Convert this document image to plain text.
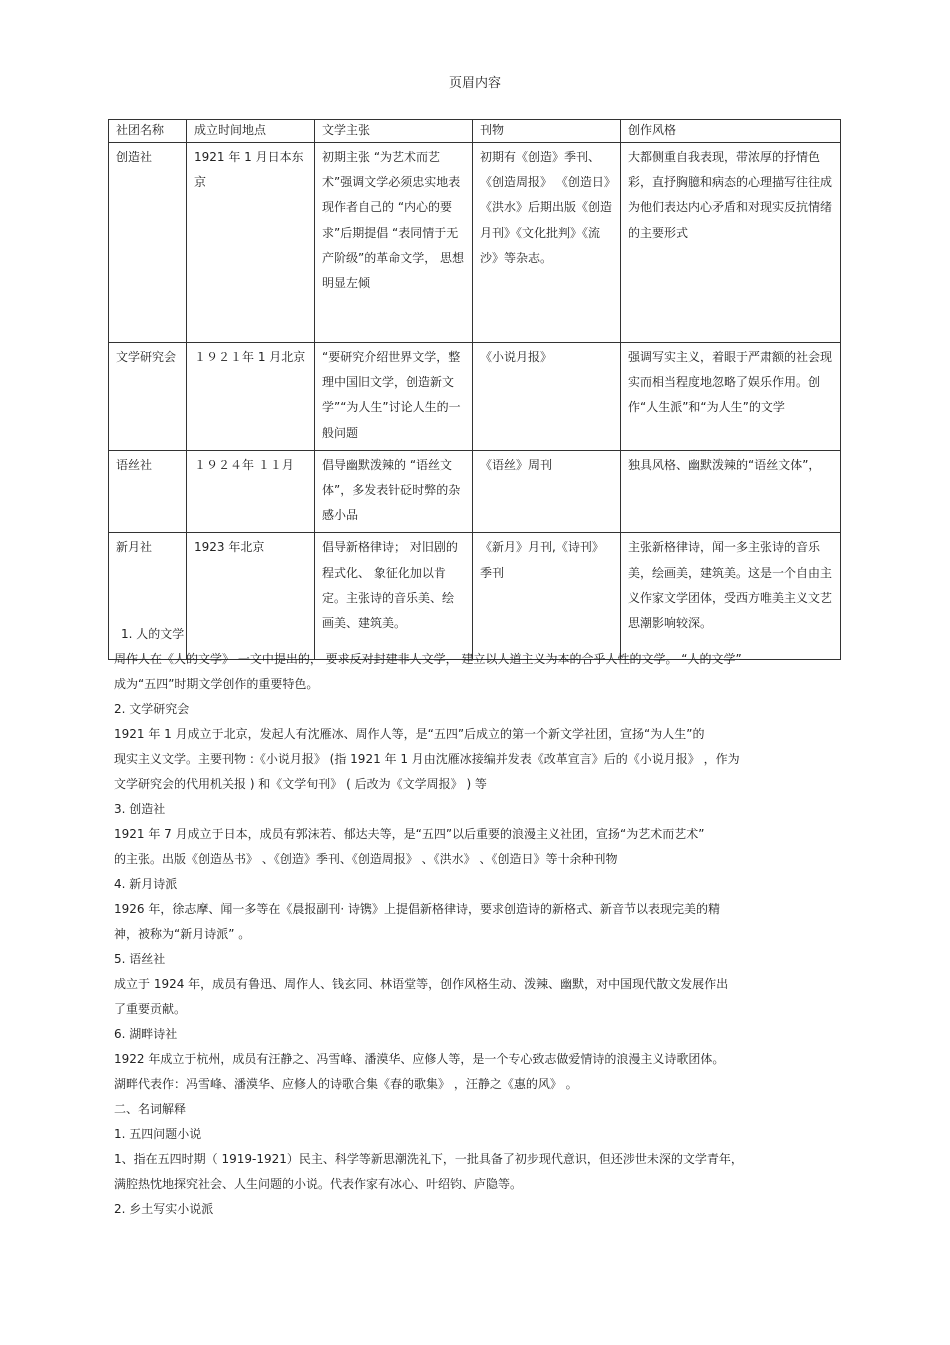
页眉内容
社团名称	成立时间地点	文学主张	刊物	创作风格
创造社	1921 年 1 月日本东京	初期主张 “为艺术而艺术”强调文学必须忠实地表现作者自己的 “内心的要求”后期提倡 “表同情于无产阶级”的革命文学， 思想明显左倾	初期有《创造》季刊、《创造周报》 《创造日》《洪水》后期出版《创造月刊》《文化批判》《流沙》等杂志。	大都侧重自我表现，带浓厚的抒情色彩，直抒胸臆和病态的心理描写往往成为他们表达内心矛盾和对现实反抗情绪的主要形式
文学研究会	１９２１年 1 月北京	“要研究介绍世界文学，整理中国旧文学，创造新文学”“为人生”讨论人生的一般问题	《小说月报》	强调写实主义，着眼于严肃额的社会现实而相当程度地忽略了娱乐作用。创作“人生派”和“为人生”的文学
语丝社	１９２４年 １１月	倡导幽默泼辣的 “语丝文体”，多发表针砭时弊的杂感小品	《语丝》周刊	独具风格、幽默泼辣的“语丝文体”，
新月社	1923 年北京	倡导新格律诗； 对旧剧的程式化、 象征化加以肯定。主张诗的音乐美、绘画美、建筑美。	《新月》月刊,《诗刊》季刊	主张新格律诗，闻一多主张诗的音乐美，绘画美，建筑美。这是一个自由主义作家文学团体，受西方唯美主义文艺思潮影响较深。

1. 人的文学

周作人在《人的文学》 一文中提出的， 要求反对封建非人文学， 建立以人道主义为本的合乎人性的文学。 “人的文学”

成为“五四”时期文学创作的重要特色。

2. 文学研究会

1921 年 1 月成立于北京，发起人有沈雁冰、周作人等，是“五四”后成立的第一个新文学社团，宣扬“为人生”的

现实主义文学。主要刊物 :《小说月报》 (指 1921 年 1 月由沈雁冰接编并发表《改革宣言》后的《小说月报》 ，作为

文学研究会的代用机关报 ) 和《文学旬刊》 ( 后改为《文学周报》 ) 等

3. 创造社

1921 年 7 月成立于日本，成员有郭沫若、郁达夫等，是“五四”以后重要的浪漫主义社团，宣扬“为艺术而艺术”

的主张。出版《创造丛书》 、《创造》季刊、《创造周报》 、《洪水》 、《创造日》等十余种刊物

4. 新月诗派

1926 年，徐志摩、闻一多等在《晨报副刊· 诗镌》上提倡新格律诗，要求创造诗的新格式、新音节以表现完美的精

神，被称为“新月诗派” 。

5. 语丝社

成立于 1924 年，成员有鲁迅、周作人、钱玄同、林语堂等，创作风格生动、泼辣、幽默，对中国现代散文发展作出

了重要贡献。

6. 湖畔诗社

1922 年成立于杭州，成员有汪静之、冯雪峰、潘漠华、应修人等，是一个专心致志做爱情诗的浪漫主义诗歌团体。

湖畔代表作：冯雪峰、潘漠华、应修人的诗歌合集《春的歌集》 ，汪静之《惠的风》 。

二、名词解释

1. 五四问题小说

1、指在五四时期（ 1919-1921）民主、科学等新思潮洗礼下，一批具备了初步现代意识，但还涉世未深的文学青年，

满腔热忱地探究社会、人生问题的小说。代表作家有冰心、叶绍钧、庐隐等。

2. 乡土写实小说派
